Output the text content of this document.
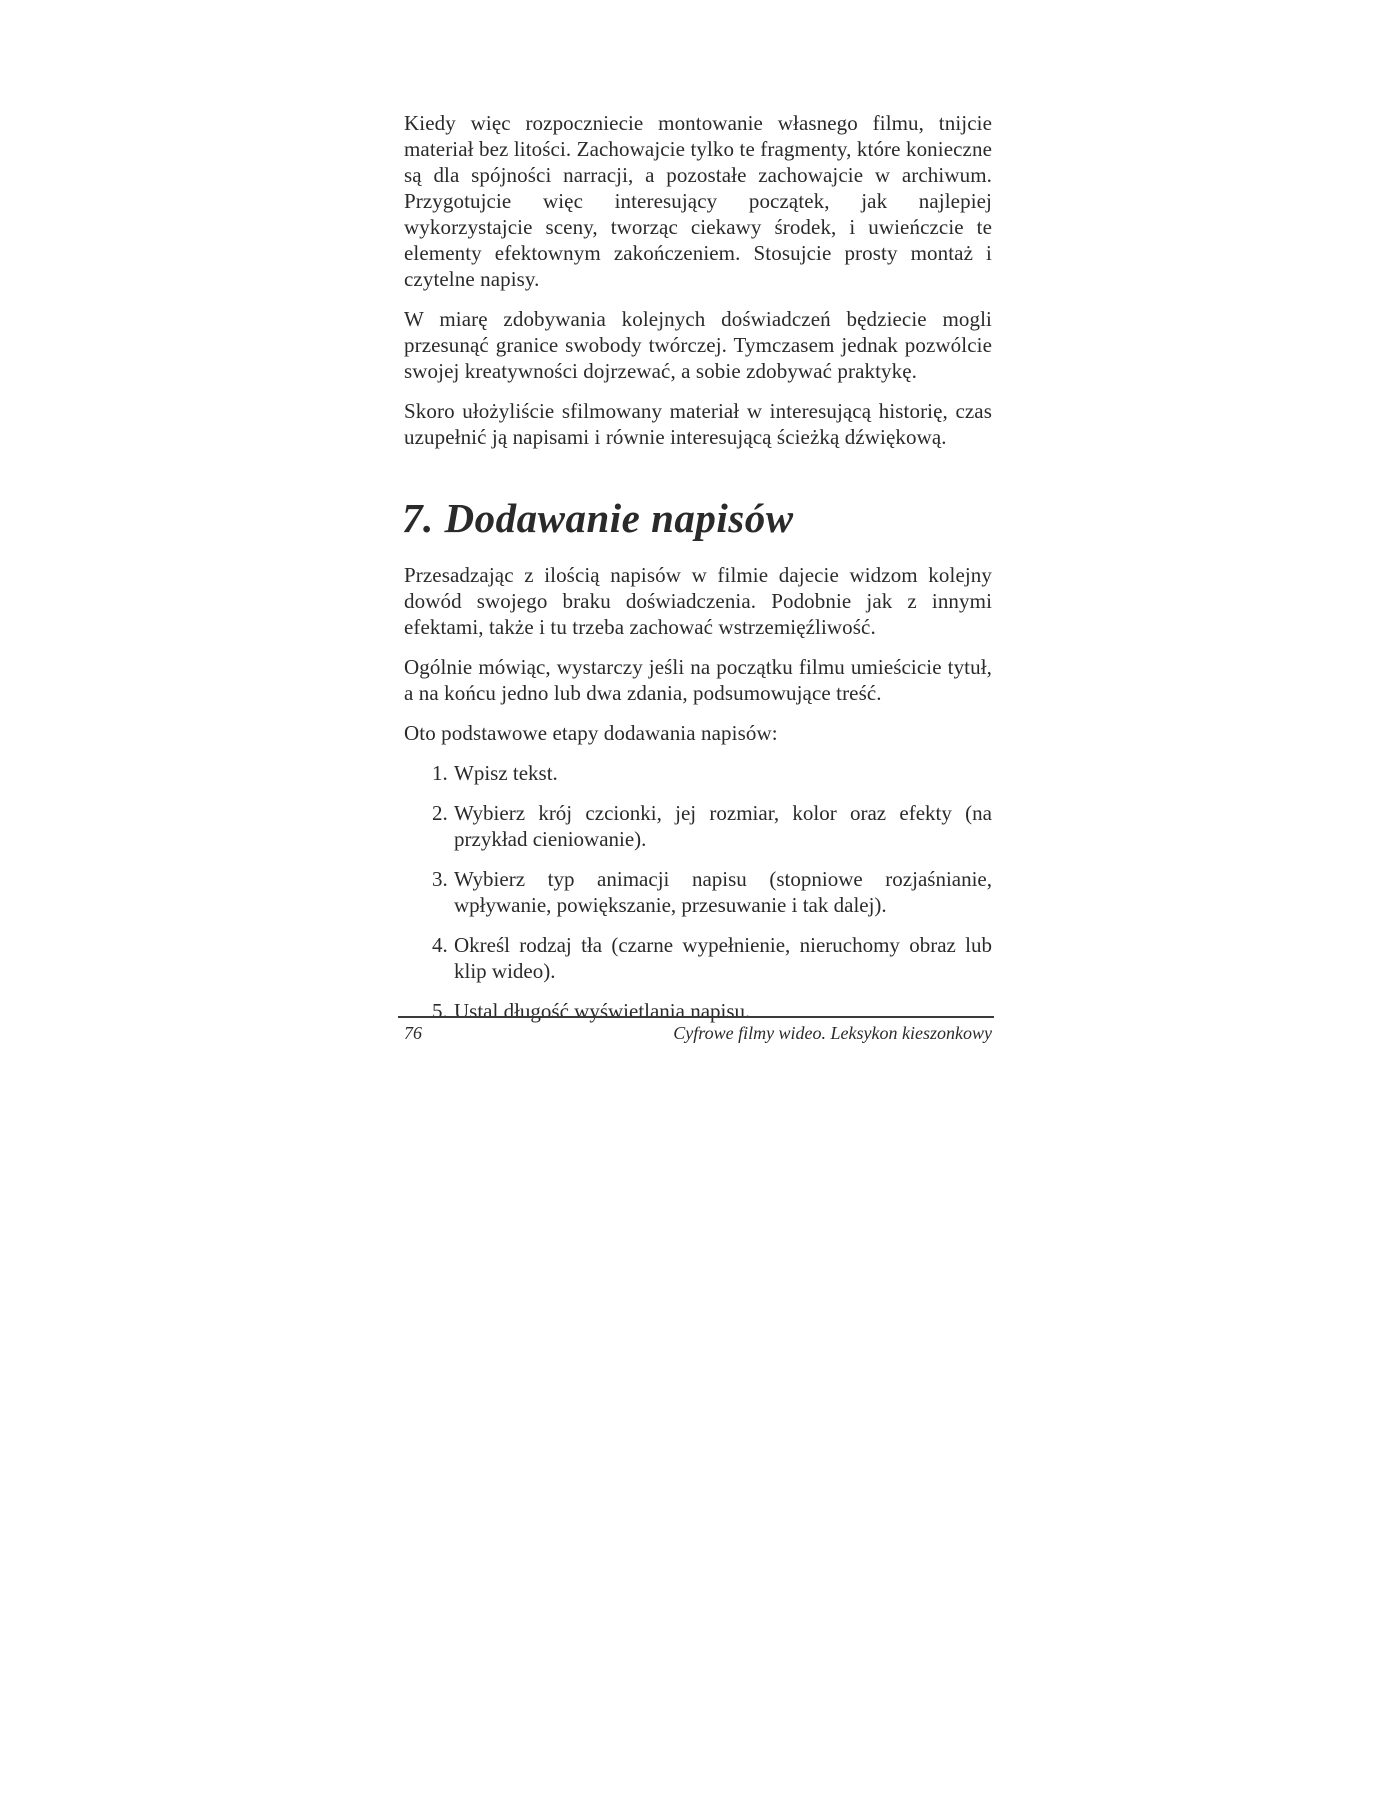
Kiedy więc rozpoczniecie montowanie własnego filmu, tnijcie materiał bez litości. Zachowajcie tylko te fragmenty, które konieczne są dla spójności narracji, a pozostałe zachowajcie w archiwum. Przygotujcie więc interesujący początek, jak najlepiej wykorzystajcie sceny, tworząc ciekawy środek, i uwieńczcie te elementy efektownym zakończeniem. Stosujcie prosty montaż i czytelne napisy.

W miarę zdobywania kolejnych doświadczeń będziecie mogli przesunąć granice swobody twórczej. Tymczasem jednak pozwólcie swojej kreatywności dojrzewać, a sobie zdobywać praktykę.

Skoro ułożyliście sfilmowany materiał w interesującą historię, czas uzupełnić ją napisami i równie interesującą ścieżką dźwiękową.

7. Dodawanie napisów

Przesadzając z ilością napisów w filmie dajecie widzom kolejny dowód swojego braku doświadczenia. Podobnie jak z innymi efektami, także i tu trzeba zachować wstrzemięźliwość.

Ogólnie mówiąc, wystarczy jeśli na początku filmu umieścicie tytuł, a na końcu jedno lub dwa zdania, podsumowujące treść.

Oto podstawowe etapy dodawania napisów:

1. Wpisz tekst.
2. Wybierz krój czcionki, jej rozmiar, kolor oraz efekty (na przykład cieniowanie).
3. Wybierz typ animacji napisu (stopniowe rozjaśnianie, wpływanie, powiększanie, przesuwanie i tak dalej).
4. Określ rodzaj tła (czarne wypełnienie, nieruchomy obraz lub klip wideo).
5. Ustal długość wyświetlania napisu.
76	Cyfrowe filmy wideo. Leksykon kieszonkowy
